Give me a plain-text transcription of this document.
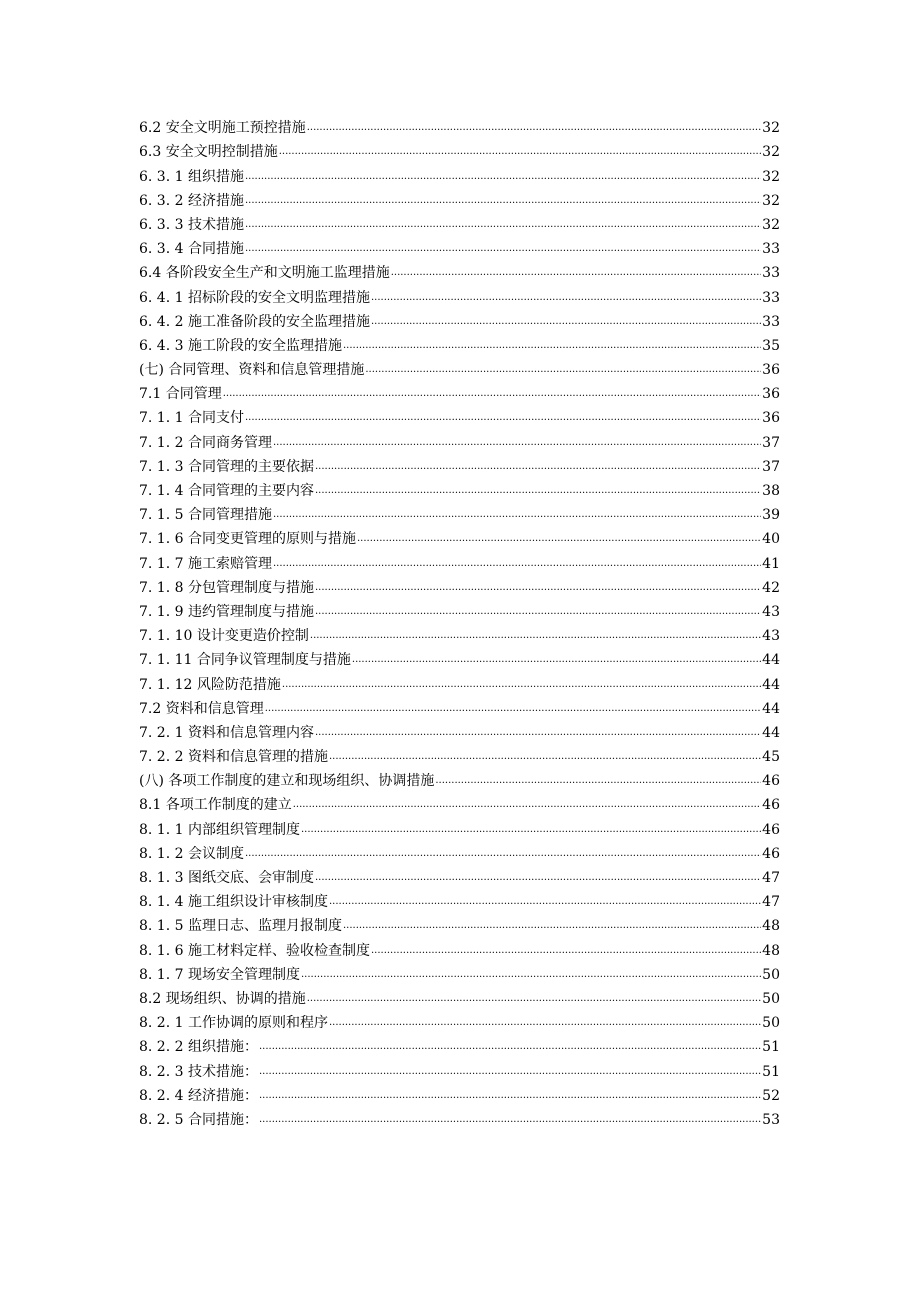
6.2 安全文明施工预控措施 .....	32
6.3 安全文明控制措施 .....	32
6. 3. 1 组织措施 .....	32
6. 3. 2 经济措施 .....	32
6. 3. 3 技术措施 .....	32
6. 3. 4 合同措施 .....	33
6.4 各阶段安全生产和文明施工监理措施 .....	33
6. 4. 1 招标阶段的安全文明监理措施 .....	33
6. 4. 2 施工准备阶段的安全监理措施 .....	33
6. 4. 3 施工阶段的安全监理措施 .....	35
(七) 合同管理、资料和信息管理措施 .....	36
7.1 合同管理 .....	36
7. 1. 1 合同支付 .....	36
7. 1. 2 合同商务管理 .....	37
7. 1. 3 合同管理的主要依据 .....	37
7. 1. 4 合同管理的主要内容 .....	38
7. 1. 5 合同管理措施 .....	39
7. 1. 6 合同变更管理的原则与措施 .....	40
7. 1. 7 施工索赔管理 .....	41
7. 1. 8 分包管理制度与措施 .....	42
7. 1. 9 违约管理制度与措施 .....	43
7. 1. 10 设计变更造价控制 .....	43
7. 1. 11 合同争议管理制度与措施 .....	44
7. 1. 12 风险防范措施 .....	44
7.2 资料和信息管理 .....	44
7. 2. 1 资料和信息管理内容 .....	44
7. 2. 2 资料和信息管理的措施 .....	45
(八) 各项工作制度的建立和现场组织、协调措施 .....	46
8.1 各项工作制度的建立 .....	46
8. 1. 1 内部组织管理制度 .....	46
8. 1. 2 会议制度 .....	46
8. 1. 3 图纸交底、会审制度 .....	47
8. 1. 4 施工组织设计审核制度 .....	47
8. 1. 5 监理日志、监理月报制度 .....	48
8. 1. 6 施工材料定样、验收检查制度 .....	48
8. 1. 7 现场安全管理制度 .....	50
8.2 现场组织、协调的措施 .....	50
8. 2. 1 工作协调的原则和程序 .....	50
8. 2. 2 组织措施： .....	51
8. 2. 3 技术措施： .....	51
8. 2. 4 经济措施： .....	52
8. 2. 5 合同措施： .....	53
